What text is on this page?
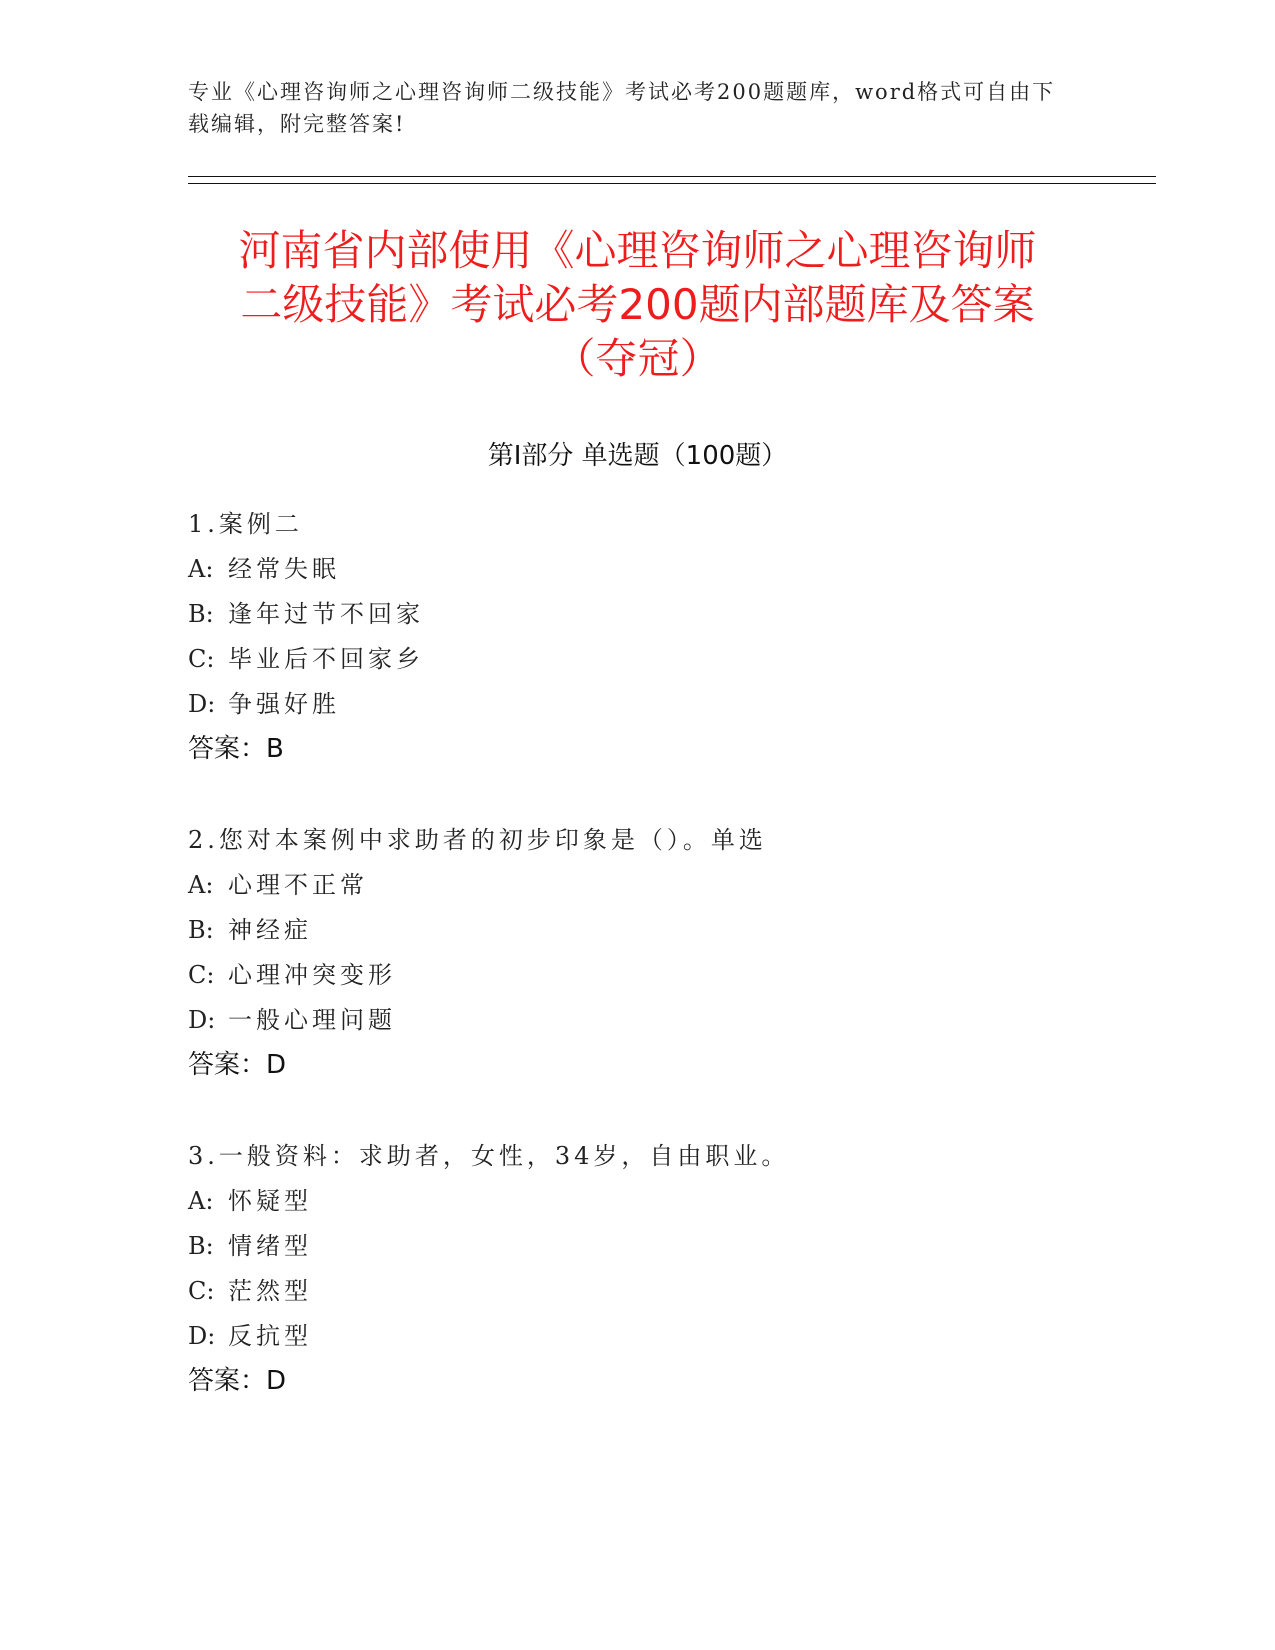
专业《心理咨询师之心理咨询师二级技能》考试必考200题题库，word格式可自由下载编辑，附完整答案!
河南省内部使用《心理咨询师之心理咨询师
二级技能》考试必考200题内部题库及答案
（夺冠）
第I部分 单选题（100题）
1.案例二
A: 经常失眠
B: 逢年过节不回家
C: 毕业后不回家乡
D: 争强好胜
答案：B
2.您对本案例中求助者的初步印象是（）。单选
A: 心理不正常
B: 神经症
C: 心理冲突变形
D: 一般心理问题
答案：D
3.一般资料：求助者，女性，34岁，自由职业。
A: 怀疑型
B: 情绪型
C: 茫然型
D: 反抗型
答案：D
